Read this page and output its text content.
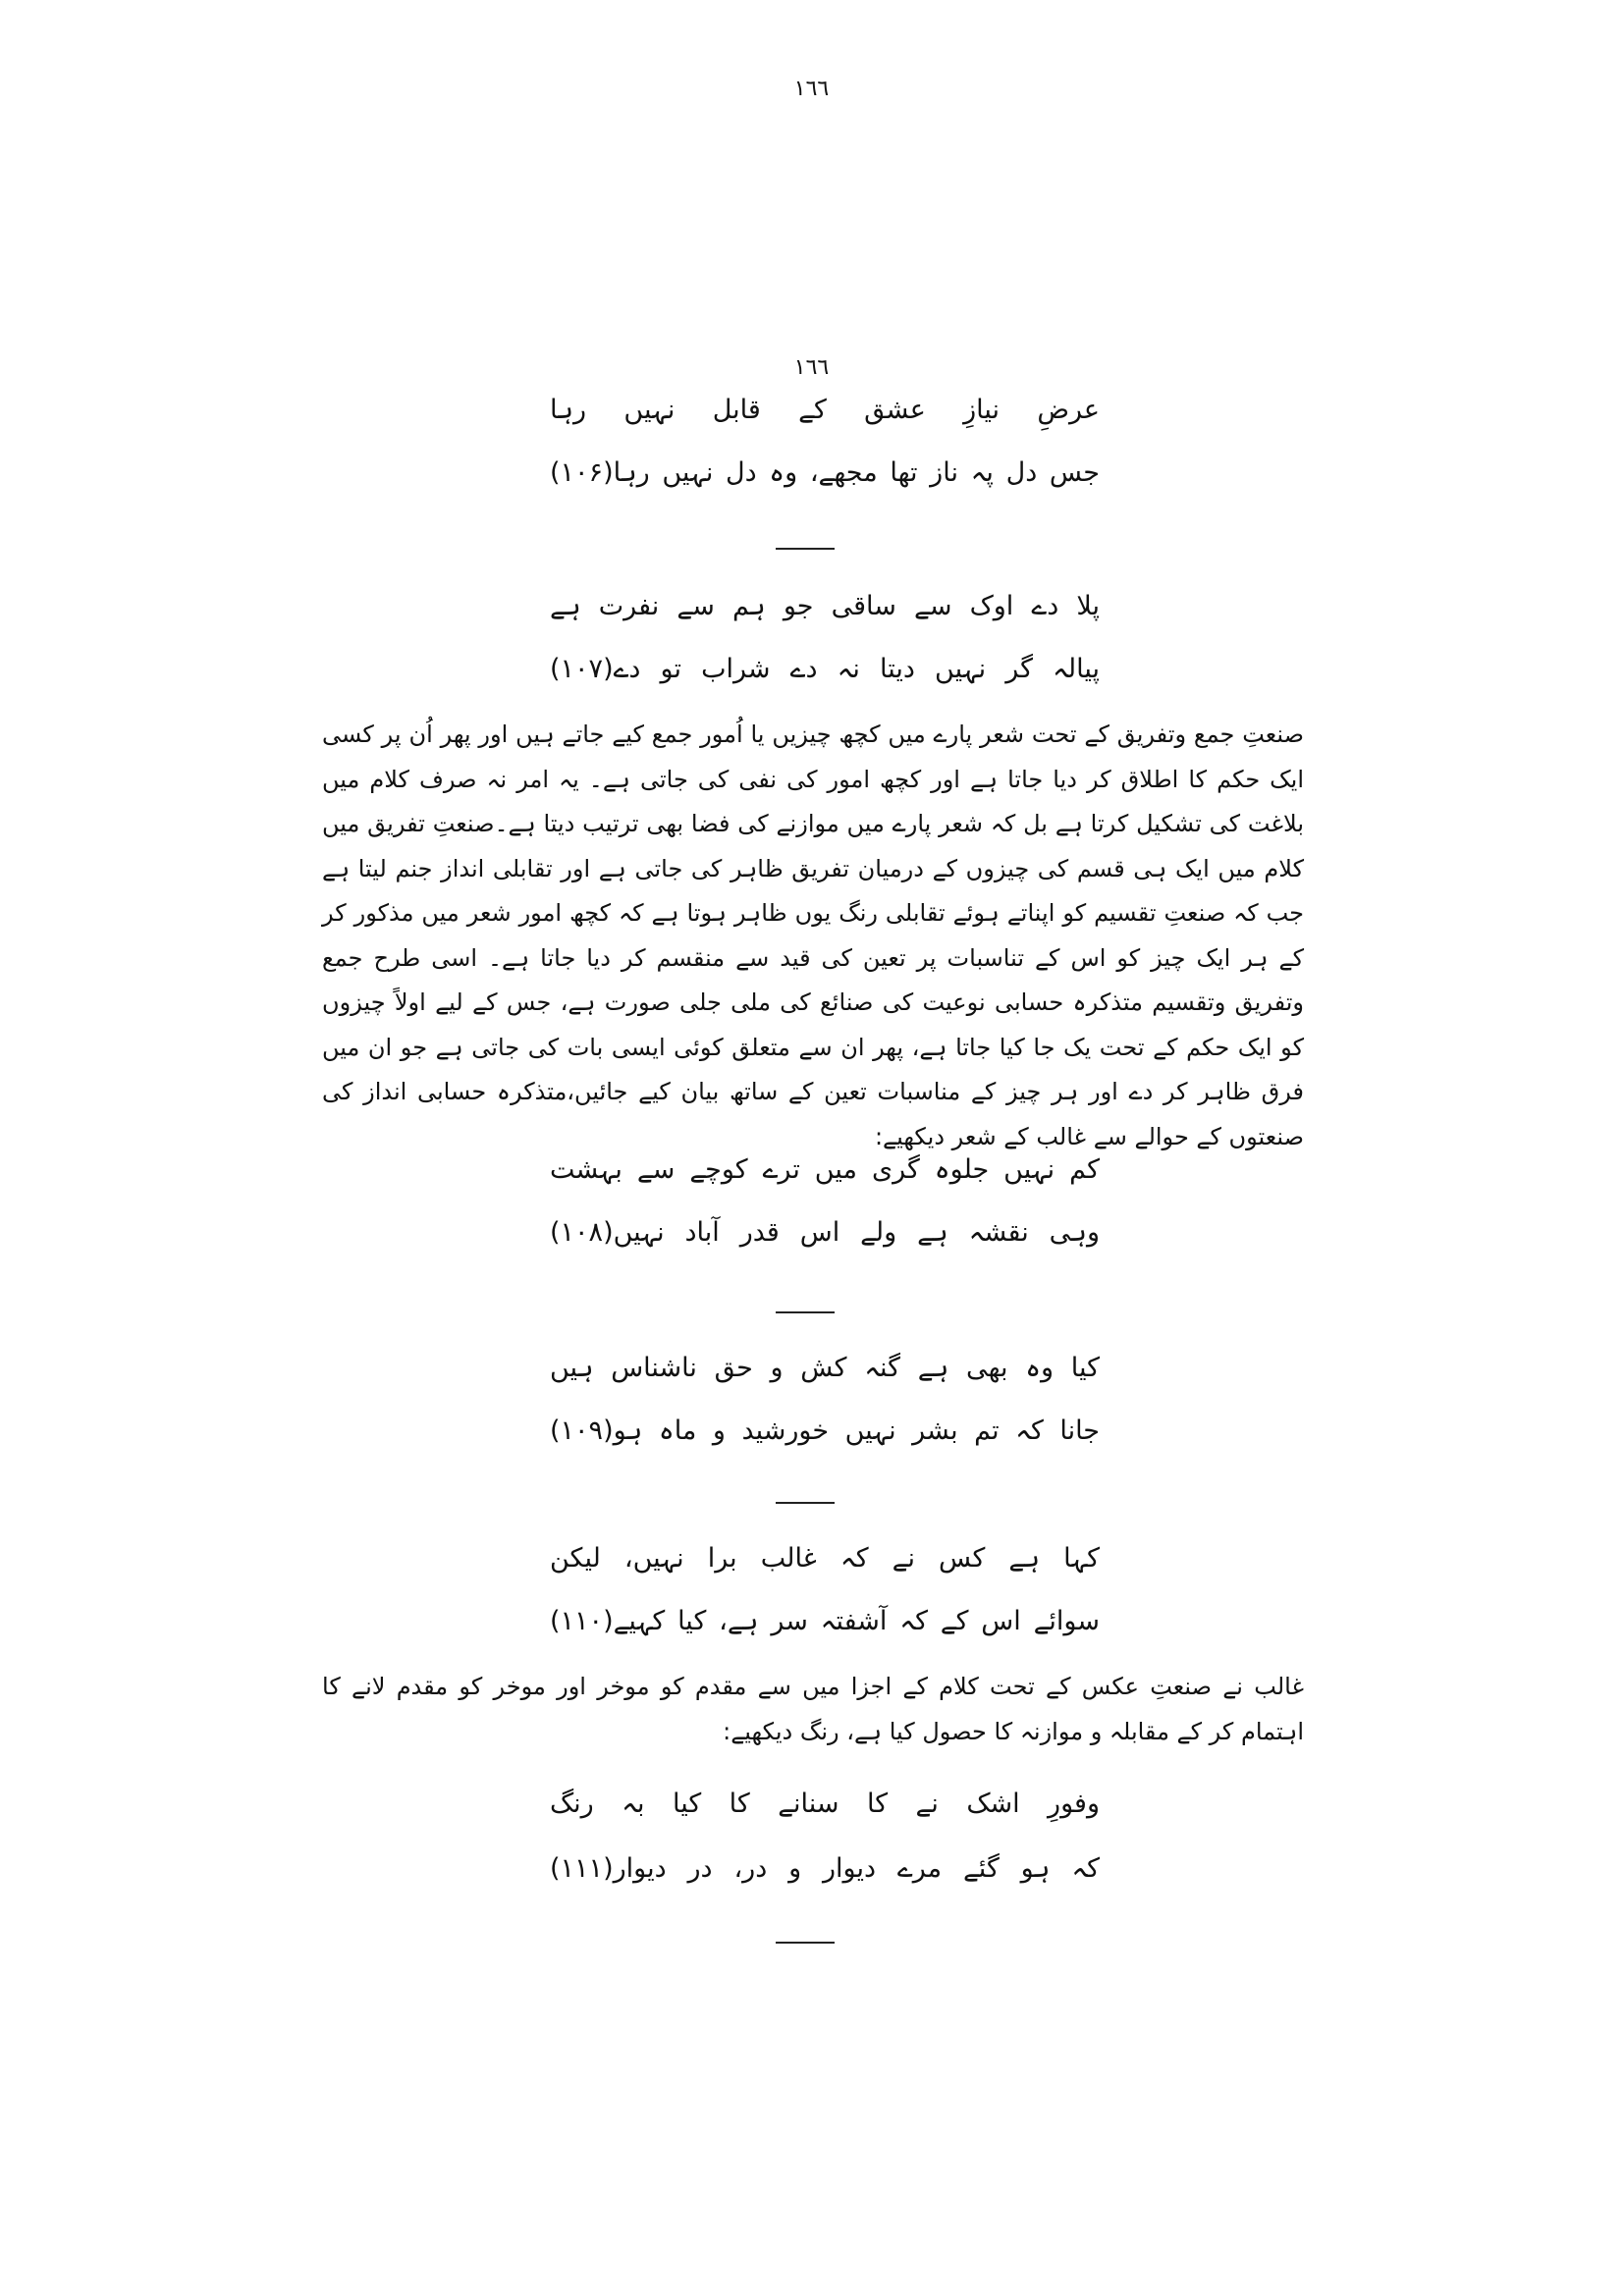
١٦٦
١٦٦
عرضِ نیازِ عشق کے قابل نہیں رہا
جس دل پہ ناز تھا مجھے، وہ دل نہیں رہا(۱۰۶)
پلا دے اوک سے ساقی جو ہم سے نفرت ہے
پیالہ گر نہیں دیتا نہ دے شراب تو دے(۱۰۷)

صنعتِ جمع وتفریق کے تحت شعر پارے میں کچھ چیزیں یا اُمور جمع کیے جاتے ہیں اور پھر اُن پر کسی ایک حکم کا اطلاق کر دیا جاتا ہے اور کچھ امور کی نفی کی جاتی ہے۔ یہ امر نہ صرف کلام میں بلاغت کی تشکیل کرتا ہے بل کہ شعر پارے میں موازنے کی فضا بھی ترتیب دیتا ہے۔صنعتِ تفریق میں کلام میں ایک ہی قسم کی چیزوں کے درمیان تفریق ظاہر کی جاتی ہے اور تقابلی انداز جنم لیتا ہے جب کہ صنعتِ تقسیم کو اپناتے ہوئے تقابلی رنگ یوں ظاہر ہوتا ہے کہ کچھ امور شعر میں مذکور کر کے ہر ایک چیز کو اس کے تناسبات پر تعین کی قید سے منقسم کر دیا جاتا ہے۔ اسی طرح جمع وتفریق وتقسیم متذکرہ حسابی نوعیت کی صنائع کی ملی جلی صورت ہے، جس کے لیے اولاً چیزوں کو ایک حکم کے تحت یک جا کیا جاتا ہے، پھر ان سے متعلق کوئی ایسی بات کی جاتی ہے جو ان میں فرق ظاہر کر دے اور ہر چیز کے مناسبات تعین کے ساتھ بیان کیے جائیں،متذکرہ حسابی انداز کی صنعتوں کے حوالے سے غالب کے شعر دیکھیے:

کم نہیں جلوہ گری میں ترے کوچے سے بہشت
وہی نقشہ ہے ولے اس قدر آباد نہیں(۱۰۸)
کیا وہ بھی ہے گنہ کش و حق ناشناس ہیں
جانا کہ تم بشر نہیں خورشید و ماہ ہو(۱۰۹)
کہا ہے کس نے کہ غالب برا نہیں، لیکن
سوائے اس کے کہ آشفتہ سر ہے، کیا کہیے(۱۱۰)

غالب نے صنعتِ عکس کے تحت کلام کے اجزا میں سے مقدم کو موخر اور موخر کو مقدم لانے کا اہتمام کر کے مقابلہ و موازنہ کا حصول کیا ہے، رنگ دیکھیے:

وفورِ اشک نے کا سنانے کا کیا بہ رنگ
کہ ہو گئے مرے دیوار و در، در دیوار(۱۱۱)
